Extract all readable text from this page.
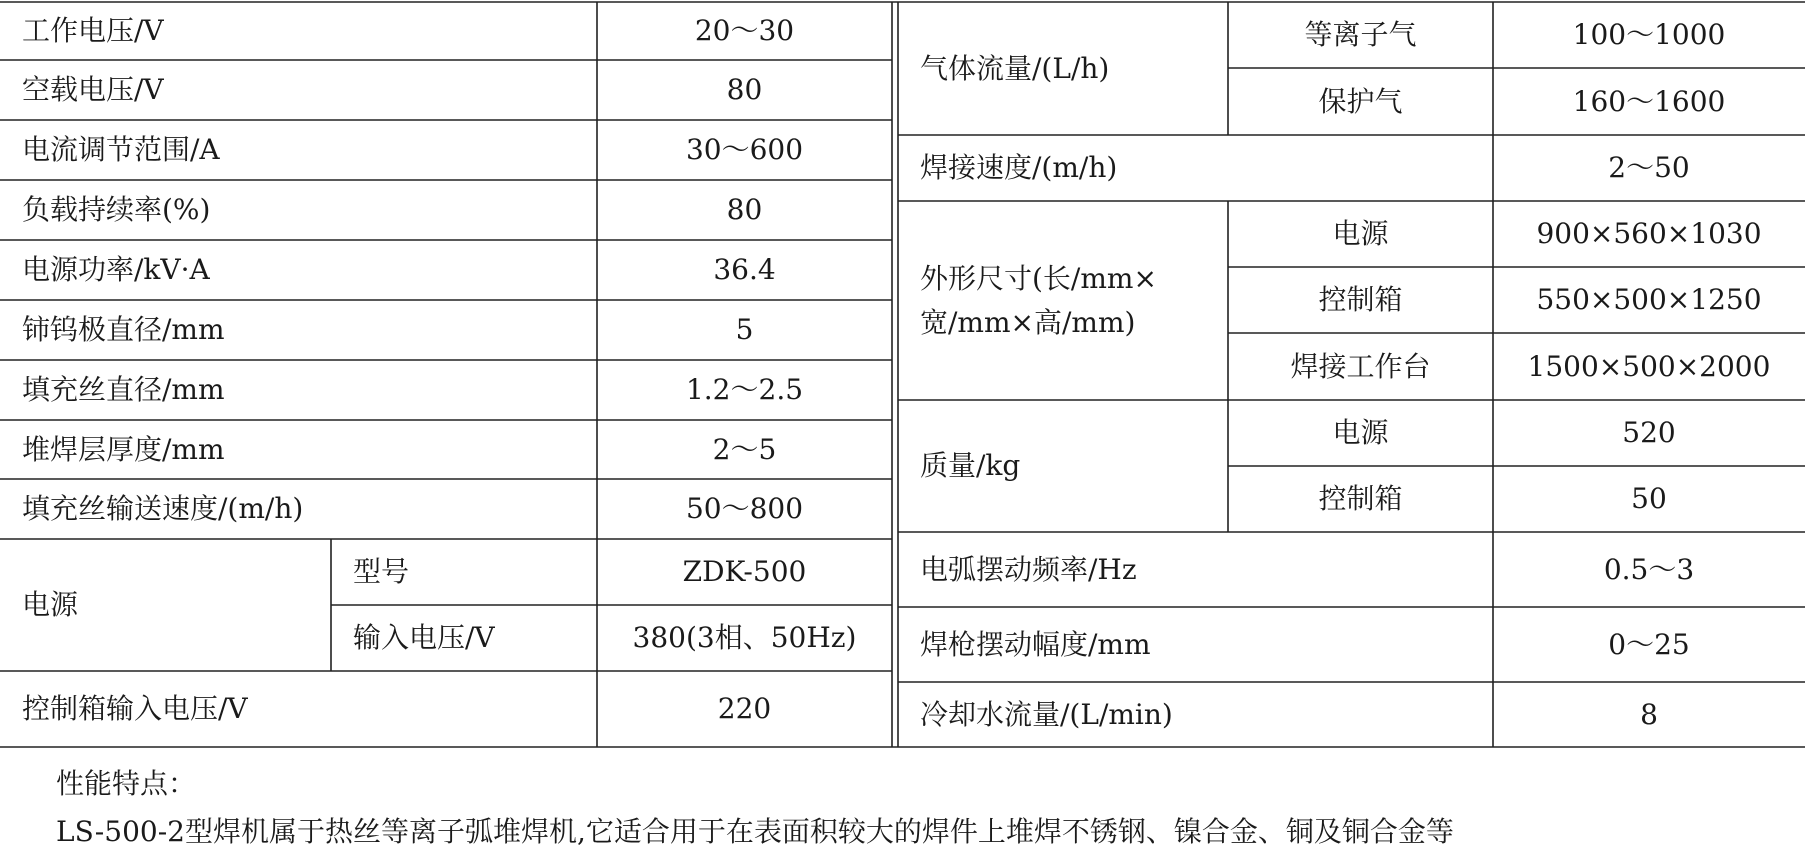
工作电压/V	20～30
空载电压/V	80
电流调节范围/A	30～600
负载持续率(%)	80
电源功率/kV·A	36.4
铈钨极直径/mm	5
填充丝直径/mm	1.2～2.5
堆焊层厚度/mm	2～5
填充丝输送速度/(m/h)	50～800
电源
型号	ZDK-500
输入电压/V	380(3相、50Hz)
控制箱输入电压/V	220
气体流量/(L/h)
等离子气	100～1000
保护气	160～1600
焊接速度/(m/h)	2～50
外形尺寸(长/mm×宽/mm×高/mm)
电源	900×560×1030
控制箱	550×500×1250
焊接工作台	1500×500×2000
质量/kg
电源	520
控制箱	50
电弧摆动频率/Hz	0.5～3
焊枪摆动幅度/mm	0～25
冷却水流量/(L/min)	8
性能特点：
LS-500-2型焊机属于热丝等离子弧堆焊机,它适合用于在表面积较大的焊件上堆焊不锈钢、镍合金、铜及铜合金等
